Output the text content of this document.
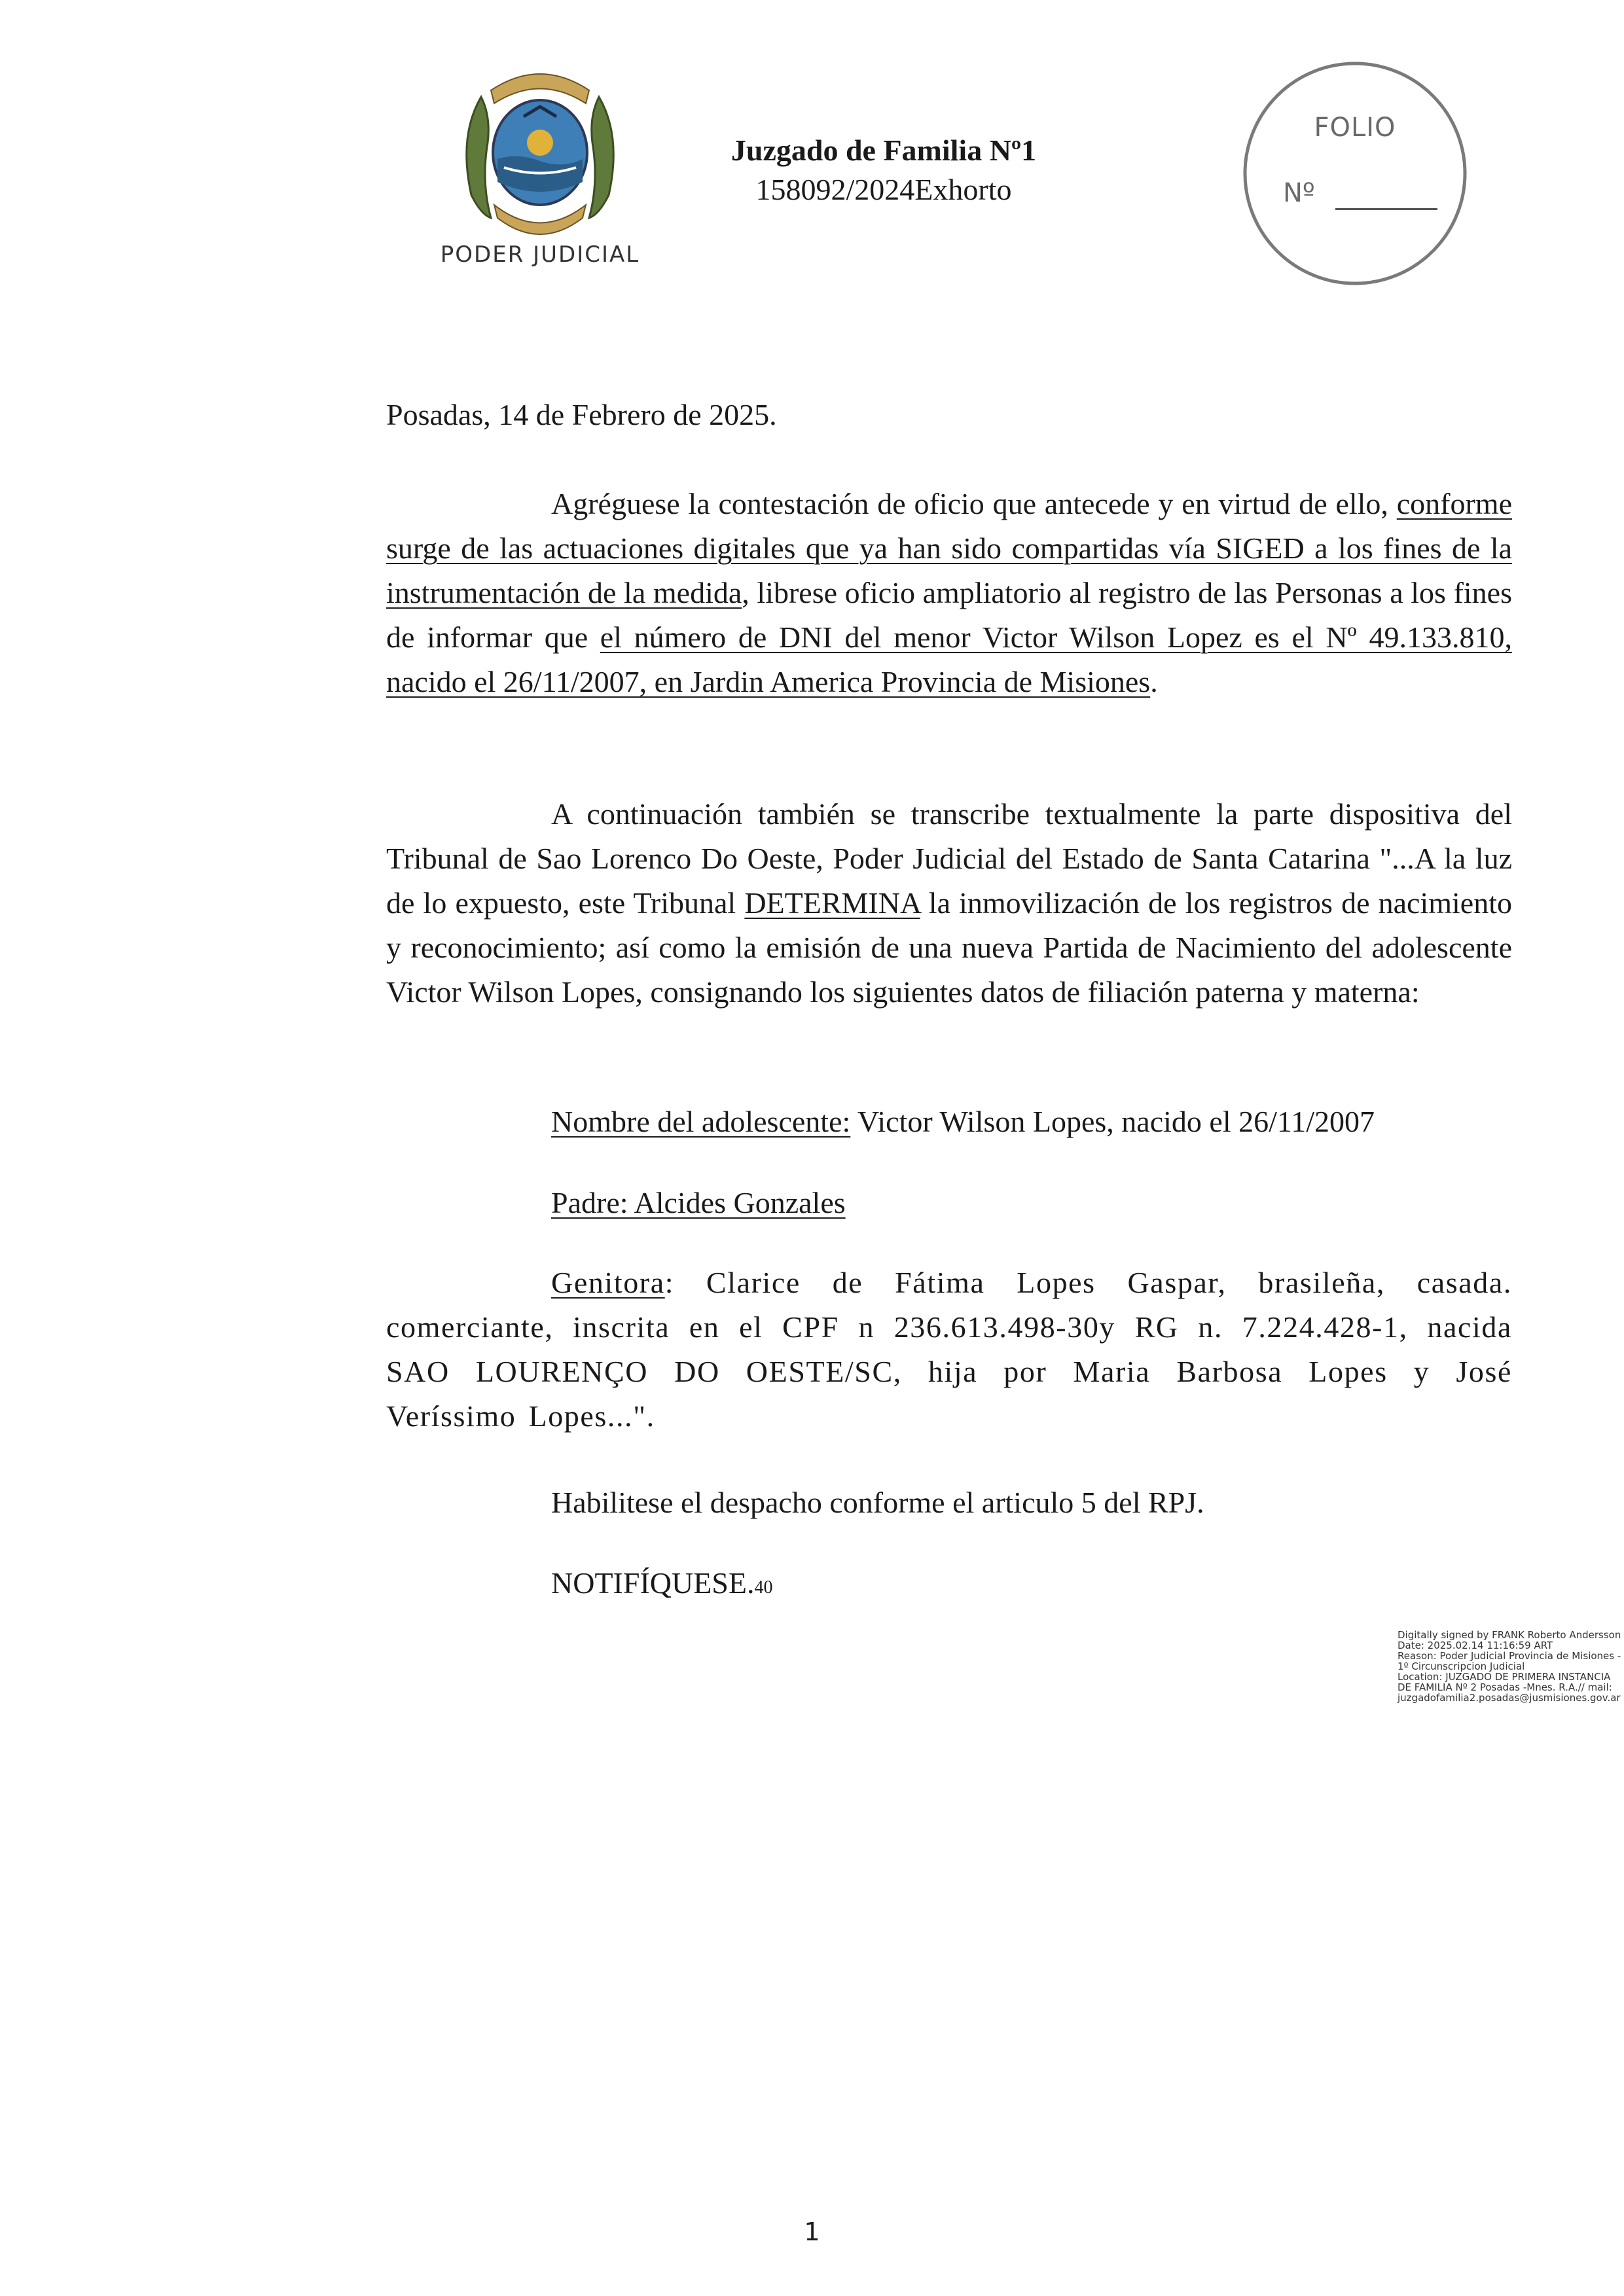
PODER JUDICIAL
Juzgado de Familia Nº1
158092/2024Exhorto
FOLIO
Nº
Posadas, 14 de Febrero de 2025.

Agréguese la contestación de oficio que antecede y en virtud de ello, conforme surge de las actuaciones digitales que ya han sido compartidas vía SIGED a los fines de la instrumentación de la medida, librese oficio ampliatorio al registro de las Personas a los fines de informar que el número de DNI del menor Victor Wilson Lopez es el Nº 49.133.810, nacido el 26/11/2007, en Jardin America Provincia de Misiones.

A continuación también se transcribe textualmente la parte dispositiva del Tribunal de Sao Lorenco Do Oeste, Poder Judicial del Estado de Santa Catarina "...A la luz de lo expuesto, este Tribunal DETERMINA la inmovilización de los registros de nacimiento y reconocimiento; así como la emisión de una nueva Partida de Nacimiento del adolescente Victor Wilson Lopes, consignando los siguientes datos de filiación paterna y materna:

Nombre del adolescente: Victor Wilson Lopes, nacido el 26/11/2007
Padre: Alcides Gonzales

Genitora: Clarice de Fátima Lopes Gaspar, brasileña, casada. comerciante, inscrita en el CPF n 236.613.498-30y RG n. 7.224.428-1, nacida SAO LOURENÇO DO OESTE/SC, hija por Maria Barbosa Lopes y José Veríssimo Lopes...".

Habilitese el despacho conforme el articulo 5 del RPJ.
NOTIFÍQUESE.40
Digitally signed by FRANK Roberto Andersson
Date: 2025.02.14 11:16:59 ART
Reason: Poder Judicial Provincia de Misiones -
1º Circunscripcion Judicial
Location: JUZGADO DE PRIMERA INSTANCIA
DE FAMILIA Nº 2 Posadas -Mnes. R.A.// mail:
juzgadofamilia2.posadas@jusmisiones.gov.ar
1
